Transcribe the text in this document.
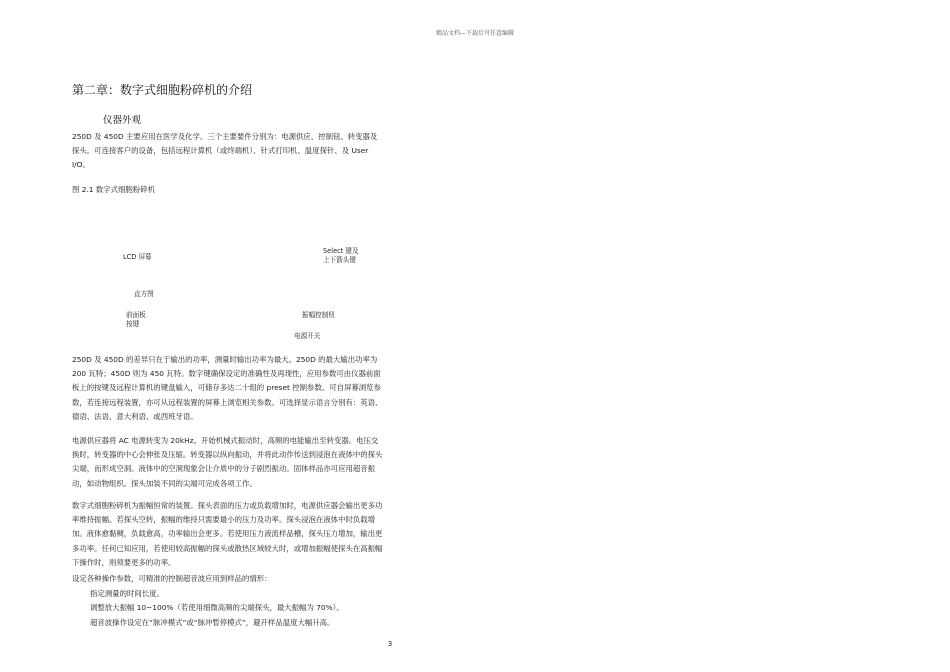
精品文档---下载后可任意编辑
第二章：数字式细胞粉碎机的介绍
仪器外观

250D 及 450D 主要应用在医学及化学。三个主要要件分别为：电源供应、控制钮、转变器及探头。可连接客户的设备，包括远程计算机（或终端机）、针式打印机、温度探针、及 User I/O。

图 2.1 数字式细胞粉碎机
LCD 屏幕
Select 键及
上下箭头键
直方图
前面板
按键
振幅控制钮
电源开关

250D 及 450D 的差异只在于输出的功率，测量时输出功率为最大。250D 的最大输出功率为 200 瓦特；450D 则为 450 瓦特。数字键确保设定的准确性及再现性，应用参数可由仪器前面板上的按键及远程计算机的键盘输入，可储存多达二十组的 preset 控制参数。可自屏幕浏览参数，若连接远程装置，亦可从远程装置的屏幕上浏览相关参数。可选择显示语言分别有：英语、德语、法语、意大利语、或西班牙语。

电源供应器将 AC 电源转变为 20kHz。开始机械式振动时，高频的电能输出至转变器。电压交换时，转变器的中心会伸张及压缩。转变器以纵向振动，并将此动作传送到浸泡在液体中的探头尖端，而形成空洞。液体中的空洞现象会让介质中的分子剧烈振动。固体样品亦可应用超音振动，如动物组织。探头加装不同的尖端可完成各项工作。

数字式细胞粉碎机为振幅恒常的装置。探头表面的压力或负载增加时，电源供应器会输出更多功率维持振幅。若探头空转，振幅的维持只需要最小的压力及功率。探头浸泡在液体中时负载增加。液体愈黏稠，负载愈高，功率输出会更多。若使用压力液流样品槽，探头压力增加，输出更多功率。任何已知应用，若使用较高振幅的探头或散热区域较大时，或增加振幅使探头在高振幅下操作时，则须要更多的功率。

设定各种操作参数，可精准的控制超音波应用到样品的情形：
指定测量的时间长度。
调整放大振幅 10~100%（若使用细微高频的尖端探头，最大振幅为 70%）。
超音波操作设定在“脉冲模式”或“脉冲暂停模式”，避开样品温度大幅升高。
3
